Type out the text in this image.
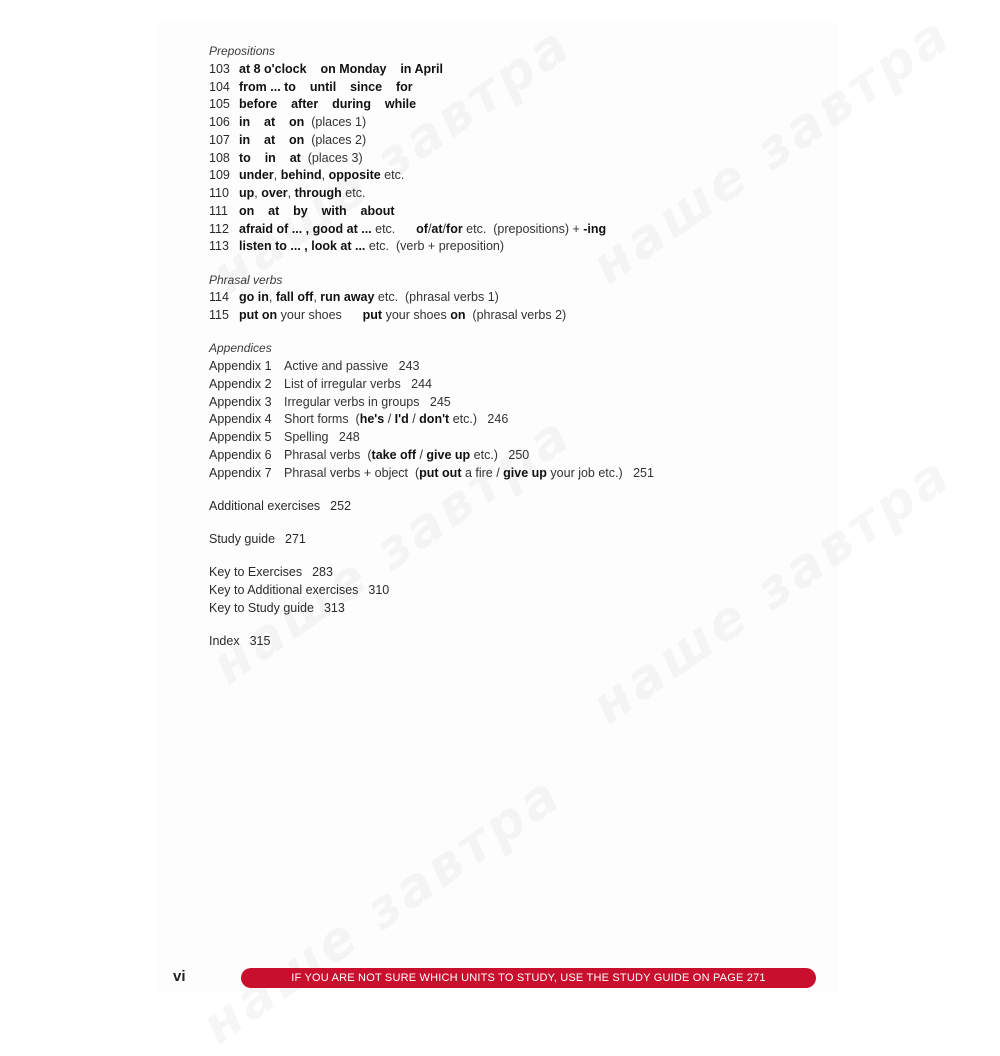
Prepositions
103 at 8 o'clock    on Monday    in April
104 from ... to    until    since    for
105 before    after    during    while
106 in    at    on (places 1)
107 in    at    on (places 2)
108 to    in    at (places 3)
109 under , behind , opposite etc.
110 up , over , through etc.
111 on    at    by    with    about
112 afraid of ... , good at ... etc. of / at / for etc.  (prepositions) + -ing
113 listen to ... , look at ... etc.  (verb + preposition)
Phrasal verbs
114 go in , fall off , run away etc.  (phrasal verbs 1)
115 put on your shoes put your shoes on (phrasal verbs 2)
Appendices
Appendix 1 Active and passive   243
Appendix 2 List of irregular verbs   244
Appendix 3 Irregular verbs in groups   245
Appendix 4 Short forms  ( he's / I'd / don't etc.)   246
Appendix 5 Spelling   248
Appendix 6 Phrasal verbs  ( take off / give up etc.)   250
Appendix 7 Phrasal verbs + object  ( put out a fire / give up your job etc.)   251
Additional exercises 252
Study guide 271
Key to Exercises 283
Key to Additional exercises 310
Key to Study guide 313
Index 315
vi	IF YOU ARE NOT SURE WHICH UNITS TO STUDY, USE THE STUDY GUIDE ON PAGE 271
